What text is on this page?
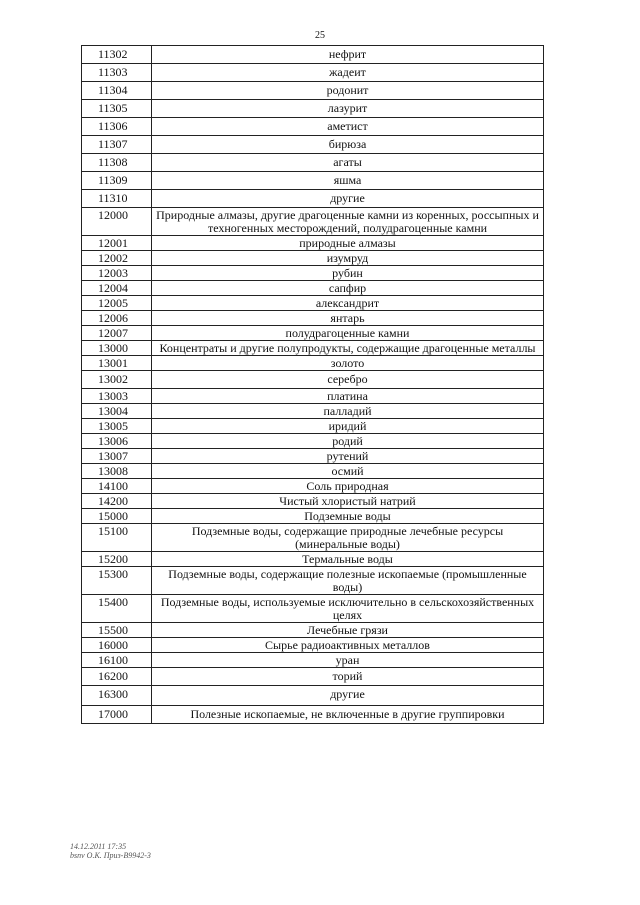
25
11302	нефрит
11303	жадеит
11304	родонит
11305	лазурит
11306	аметист
11307	бирюза
11308	агаты
11309	яшма
11310	другие
12000	Природные алмазы, другие драгоценные камни из коренных, россыпных и техногенных месторождений, полудрагоценные камни
12001	природные алмазы
12002	изумруд
12003	рубин
12004	сапфир
12005	александрит
12006	янтарь
12007	полудрагоценные камни
13000	Концентраты и другие полупродукты, содержащие драгоценные металлы
13001	золото
13002	серебро
13003	платина
13004	палладий
13005	иридий
13006	родий
13007	рутений
13008	осмий
14100	Соль природная
14200	Чистый хлористый натрий
15000	Подземные воды
15100	Подземные воды, содержащие природные лечебные ресурсы (минеральные воды)
15200	Термальные воды
15300	Подземные воды, содержащие полезные ископаемые (промышленные воды)
15400	Подземные воды, используемые исключительно в сельскохозяйственных целях
15500	Лечебные грязи
16000	Сырье радиоактивных металлов
16100	уран
16200	торий
16300	другие
17000	Полезные ископаемые, не включенные в другие группировки
14.12.2011 17:35
bsnv О.К. Приз-В9942-3
